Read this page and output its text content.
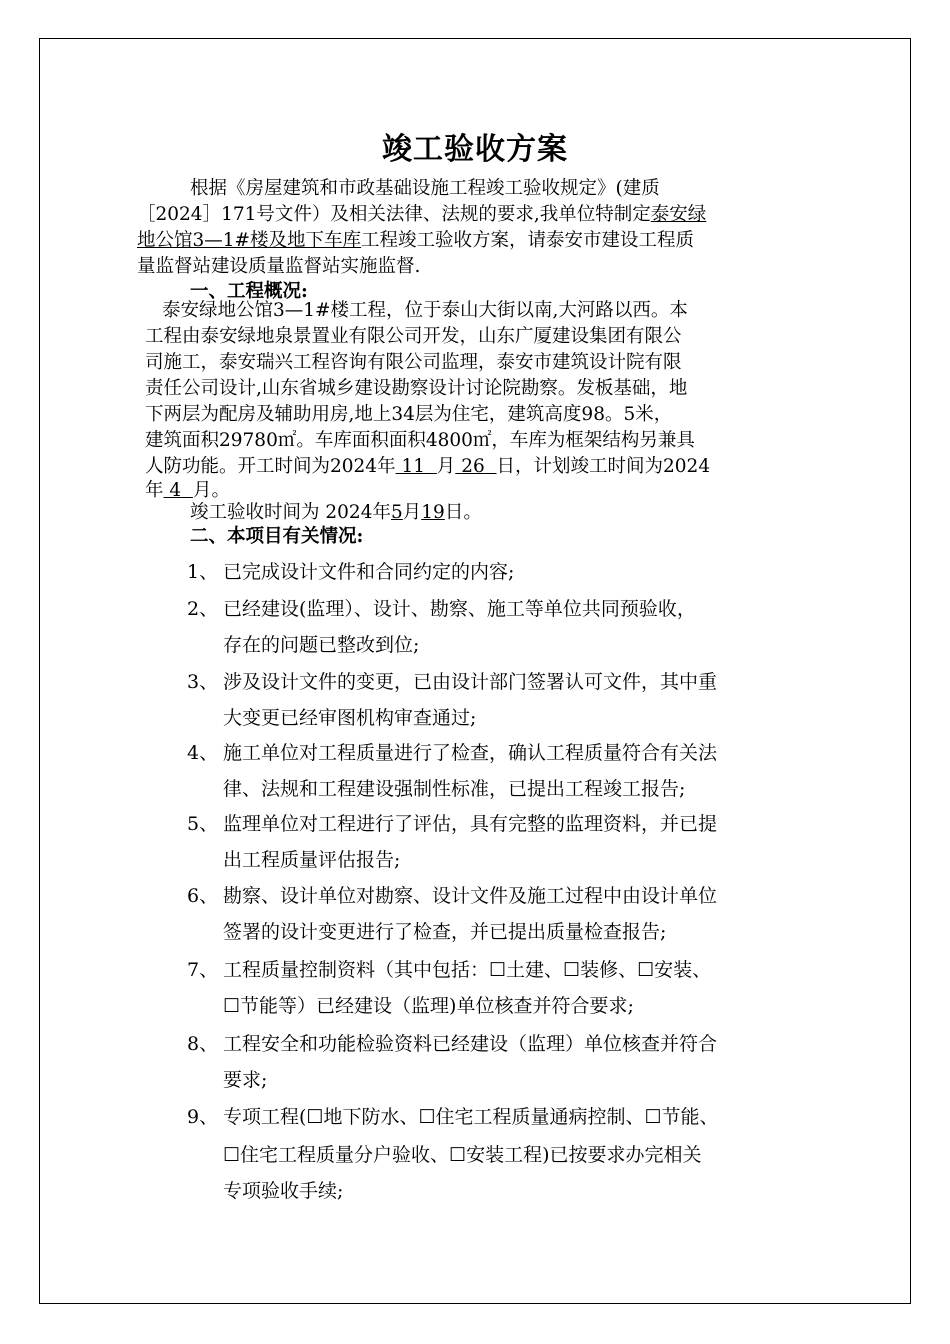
竣工验收方案
根据《房屋建筑和市政基础设施工程竣工验收规定》(建质
［2024］171号文件）及相关法律、法规的要求,我单位特制定泰安绿
地公馆3—1#楼及地下车库工程竣工验收方案，请泰安市建设工程质
量监督站建设质量监督站实施监督.
一、工程概况:
泰安绿地公馆3—1#楼工程，位于泰山大街以南,大河路以西。本
工程由泰安绿地泉景置业有限公司开发，山东广厦建设集团有限公
司施工，泰安瑞兴工程咨询有限公司监理，泰安市建筑设计院有限
责任公司设计,山东省城乡建设勘察设计讨论院勘察。发板基础，地
下两层为配房及辅助用房,地上34层为住宅，建筑高度98。5米，
建筑面积29780㎡。车库面积面积4800㎡，车库为框架结构另兼具
人防功能。开工时间为2024年 11 月 26 日，计划竣工时间为2024
年 4 月。
竣工验收时间为 2024年5月19日。
二、本项目有关情况:
1、 已完成设计文件和合同约定的内容;
2、 已经建设(监理）、设计、勘察、施工等单位共同预验收，
存在的问题已整改到位;
3、 涉及设计文件的变更，已由设计部门签署认可文件，其中重
大变更已经审图机构审查通过;
4、 施工单位对工程质量进行了检查，确认工程质量符合有关法
律、法规和工程建设强制性标准，已提出工程竣工报告;
5、 监理单位对工程进行了评估，具有完整的监理资料，并已提
出工程质量评估报告;
6、 勘察、设计单位对勘察、设计文件及施工过程中由设计单位
签署的设计变更进行了检查，并已提出质量检查报告;
7、 工程质量控制资料（其中包括：☐土建、☐装修、☐安装、
☐节能等）已经建设（监理)单位核查并符合要求;
8、 工程安全和功能检验资料已经建设（监理）单位核查并符合
要求;
9、 专项工程(☐地下防水、☐住宅工程质量通病控制、☐节能、
☐住宅工程质量分户验收、☐安装工程)已按要求办完相关
专项验收手续;
